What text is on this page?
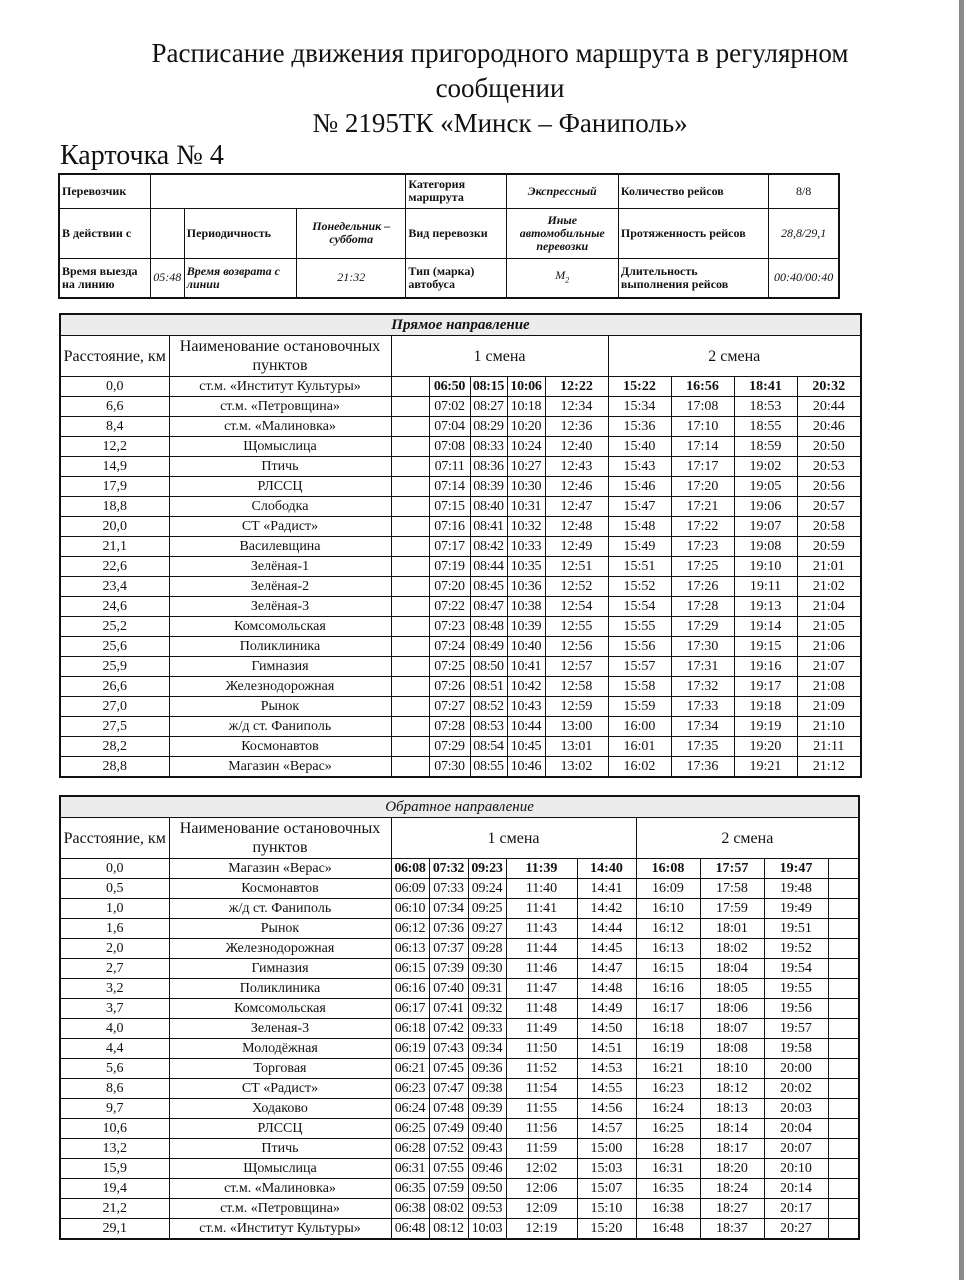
Расписание движения пригородного маршрута в регулярном
сообщении
№ 2195ТК «Минск – Фаниполь»
Карточка № 4
Перевозчик				Категория маршрута	Экспрессный	Количество рейсов	8/8
В действии с		Периодичность	Понедельник – суббота	Вид перевозки	Иные автомобильные перевозки	Протяженность рейсов	28,8/29,1
Время выезда на линию	05:48	Время возврата с линии	21:32	Тип (марка) автобуса	$M_2$	Длительность выполнения рейсов	00:40/00:40
Прямое направление										
Расстояние, км	Наименование остановочных пунктов	1 смена					2 смена			
0,0	ст.м. «Институт Культуры»		06:50	08:15	10:06	12:22	15:22	16:56	18:41	20:32
6,6	ст.м. «Петровщина»		07:02	08:27	10:18	12:34	15:34	17:08	18:53	20:44
8,4	ст.м. «Малиновка»		07:04	08:29	10:20	12:36	15:36	17:10	18:55	20:46
12,2	Щомыслица		07:08	08:33	10:24	12:40	15:40	17:14	18:59	20:50
14,9	Птичь		07:11	08:36	10:27	12:43	15:43	17:17	19:02	20:53
17,9	РЛССЦ		07:14	08:39	10:30	12:46	15:46	17:20	19:05	20:56
18,8	Слободка		07:15	08:40	10:31	12:47	15:47	17:21	19:06	20:57
20,0	СТ «Радист»		07:16	08:41	10:32	12:48	15:48	17:22	19:07	20:58
21,1	Василевщина		07:17	08:42	10:33	12:49	15:49	17:23	19:08	20:59
22,6	Зелёная-1		07:19	08:44	10:35	12:51	15:51	17:25	19:10	21:01
23,4	Зелёная-2		07:20	08:45	10:36	12:52	15:52	17:26	19:11	21:02
24,6	Зелёная-3		07:22	08:47	10:38	12:54	15:54	17:28	19:13	21:04
25,2	Комсомольская		07:23	08:48	10:39	12:55	15:55	17:29	19:14	21:05
25,6	Поликлиника		07:24	08:49	10:40	12:56	15:56	17:30	19:15	21:06
25,9	Гимназия		07:25	08:50	10:41	12:57	15:57	17:31	19:16	21:07
26,6	Железнодорожная		07:26	08:51	10:42	12:58	15:58	17:32	19:17	21:08
27,0	Рынок		07:27	08:52	10:43	12:59	15:59	17:33	19:18	21:09
27,5	ж/д ст. Фаниполь		07:28	08:53	10:44	13:00	16:00	17:34	19:19	21:10
28,2	Космонавтов		07:29	08:54	10:45	13:01	16:01	17:35	19:20	21:11
28,8	Магазин «Верас»		07:30	08:55	10:46	13:02	16:02	17:36	19:21	21:12
Обратное направление										
Расстояние, км	Наименование остановочных пунктов	1 смена					2 смена			
0,0	Магазин «Верас»	06:08	07:32	09:23	11:39	14:40	16:08	17:57	19:47	
0,5	Космонавтов	06:09	07:33	09:24	11:40	14:41	16:09	17:58	19:48	
1,0	ж/д ст. Фаниполь	06:10	07:34	09:25	11:41	14:42	16:10	17:59	19:49	
1,6	Рынок	06:12	07:36	09:27	11:43	14:44	16:12	18:01	19:51	
2,0	Железнодорожная	06:13	07:37	09:28	11:44	14:45	16:13	18:02	19:52	
2,7	Гимназия	06:15	07:39	09:30	11:46	14:47	16:15	18:04	19:54	
3,2	Поликлиника	06:16	07:40	09:31	11:47	14:48	16:16	18:05	19:55	
3,7	Комсомольская	06:17	07:41	09:32	11:48	14:49	16:17	18:06	19:56	
4,0	Зеленая-3	06:18	07:42	09:33	11:49	14:50	16:18	18:07	19:57	
4,4	Молодёжная	06:19	07:43	09:34	11:50	14:51	16:19	18:08	19:58	
5,6	Торговая	06:21	07:45	09:36	11:52	14:53	16:21	18:10	20:00	
8,6	СТ «Радист»	06:23	07:47	09:38	11:54	14:55	16:23	18:12	20:02	
9,7	Ходаково	06:24	07:48	09:39	11:55	14:56	16:24	18:13	20:03	
10,6	РЛССЦ	06:25	07:49	09:40	11:56	14:57	16:25	18:14	20:04	
13,2	Птичь	06:28	07:52	09:43	11:59	15:00	16:28	18:17	20:07	
15,9	Щомыслица	06:31	07:55	09:46	12:02	15:03	16:31	18:20	20:10	
19,4	ст.м. «Малиновка»	06:35	07:59	09:50	12:06	15:07	16:35	18:24	20:14	
21,2	ст.м. «Петровщина»	06:38	08:02	09:53	12:09	15:10	16:38	18:27	20:17	
29,1	ст.м. «Институт Культуры»	06:48	08:12	10:03	12:19	15:20	16:48	18:37	20:27	
